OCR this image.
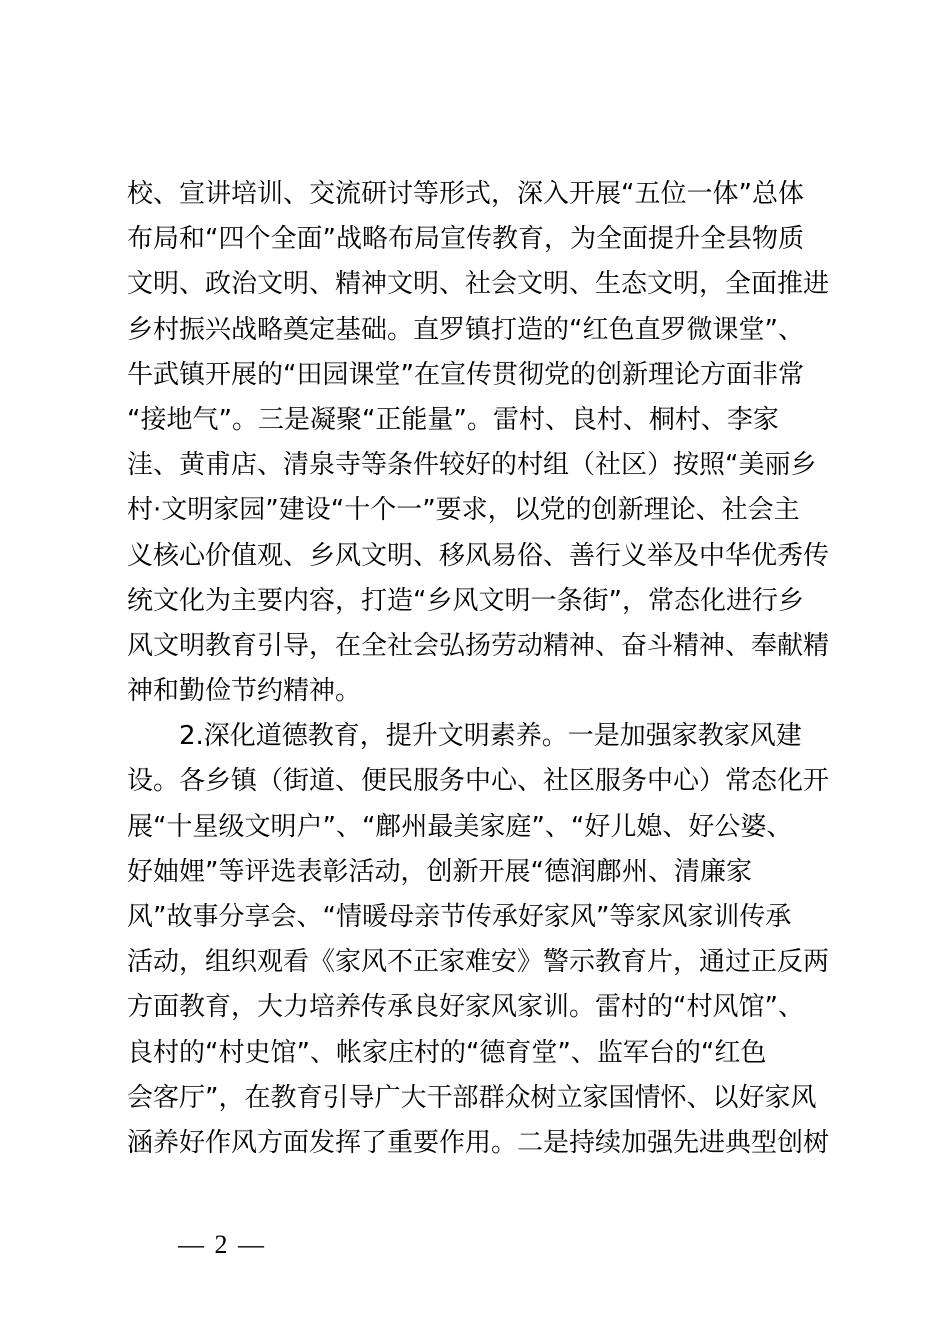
校、宣讲培训、交流研讨等形式，深入开展“五位一体”总体
布局和“四个全面”战略布局宣传教育，为全面提升全县物质
文明、政治文明、精神文明、社会文明、生态文明，全面推进
乡村振兴战略奠定基础。直罗镇打造的“红色直罗微课堂”、
牛武镇开展的“田园课堂”在宣传贯彻党的创新理论方面非常
“接地气”。三是凝聚“正能量”。雷村、良村、桐村、李家
洼、黄甫店、清泉寺等条件较好的村组（社区）按照“美丽乡
村·文明家园”建设“十个一”要求，以党的创新理论、社会主
义核心价值观、乡风文明、移风易俗、善行义举及中华优秀传
统文化为主要内容，打造“乡风文明一条街”，常态化进行乡
风文明教育引导，在全社会弘扬劳动精神、奋斗精神、奉献精
神和勤俭节约精神。
　　2.深化道德教育，提升文明素养。一是加强家教家风建
设。各乡镇（街道、便民服务中心、社区服务中心）常态化开
展“十星级文明户”、“鄜州最美家庭”、“好儿媳、好公婆、
好妯娌”等评选表彰活动，创新开展“德润鄜州、清廉家
风”故事分享会、“情暖母亲节传承好家风”等家风家训传承
活动，组织观看《家风不正家难安》警示教育片，通过正反两
方面教育，大力培养传承良好家风家训。雷村的“村风馆”、
良村的“村史馆”、帐家庄村的“德育堂”、监军台的“红色
会客厅”，在教育引导广大干部群众树立家国情怀、以好家风
涵养好作风方面发挥了重要作用。二是持续加强先进典型创树
— 2 —
